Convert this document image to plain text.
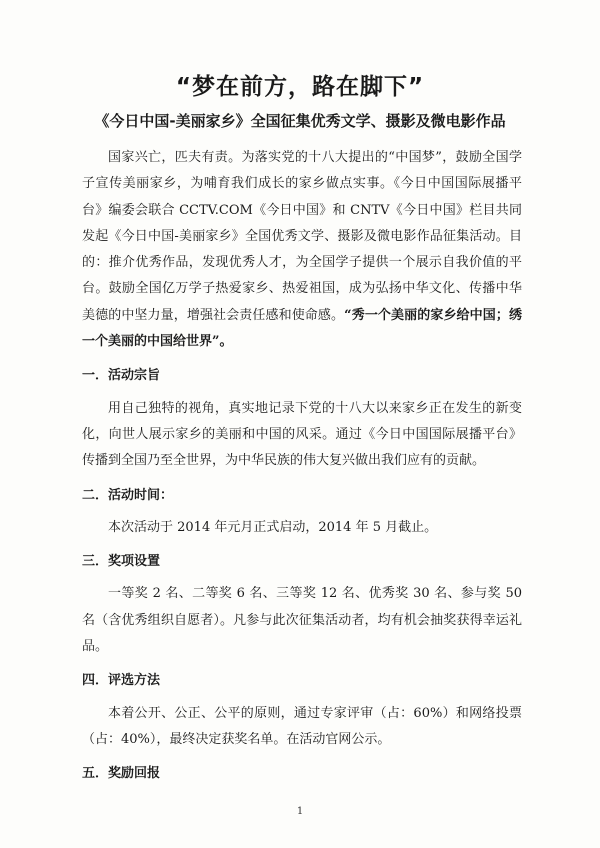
“梦在前方，路在脚下”
《今日中国-美丽家乡》全国征集优秀文学、摄影及微电影作品

国家兴亡，匹夫有责。为落实党的十八大提出的“中国梦”，鼓励全国学子宣传美丽家乡，为哺育我们成长的家乡做点实事。《今日中国国际展播平台》编委会联合 CCTV.COM《今日中国》和 CNTV《今日中国》栏目共同发起《今日中国-美丽家乡》全国优秀文学、摄影及微电影作品征集活动。目的：推介优秀作品，发现优秀人才，为全国学子提供一个展示自我价值的平台。鼓励全国亿万学子热爱家乡、热爱祖国，成为弘扬中华文化、传播中华美德的中坚力量，增强社会责任感和使命感。“秀一个美丽的家乡给中国；绣一个美丽的中国给世界”。

一．活动宗旨

用自己独特的视角，真实地记录下党的十八大以来家乡正在发生的新变化，向世人展示家乡的美丽和中国的风采。通过《今日中国国际展播平台》传播到全国乃至全世界，为中华民族的伟大复兴做出我们应有的贡献。

二．活动时间：

本次活动于 2014 年元月正式启动，2014 年 5 月截止。

三．奖项设置

一等奖 2 名、二等奖 6 名、三等奖 12 名、优秀奖 30 名、参与奖 50 名（含优秀组织自愿者）。凡参与此次征集活动者，均有机会抽奖获得幸运礼品。

四．评选方法

本着公开、公正、公平的原则，通过专家评审（占：60%）和网络投票（占：40%），最终决定获奖名单。在活动官网公示。

五．奖励回报

1
